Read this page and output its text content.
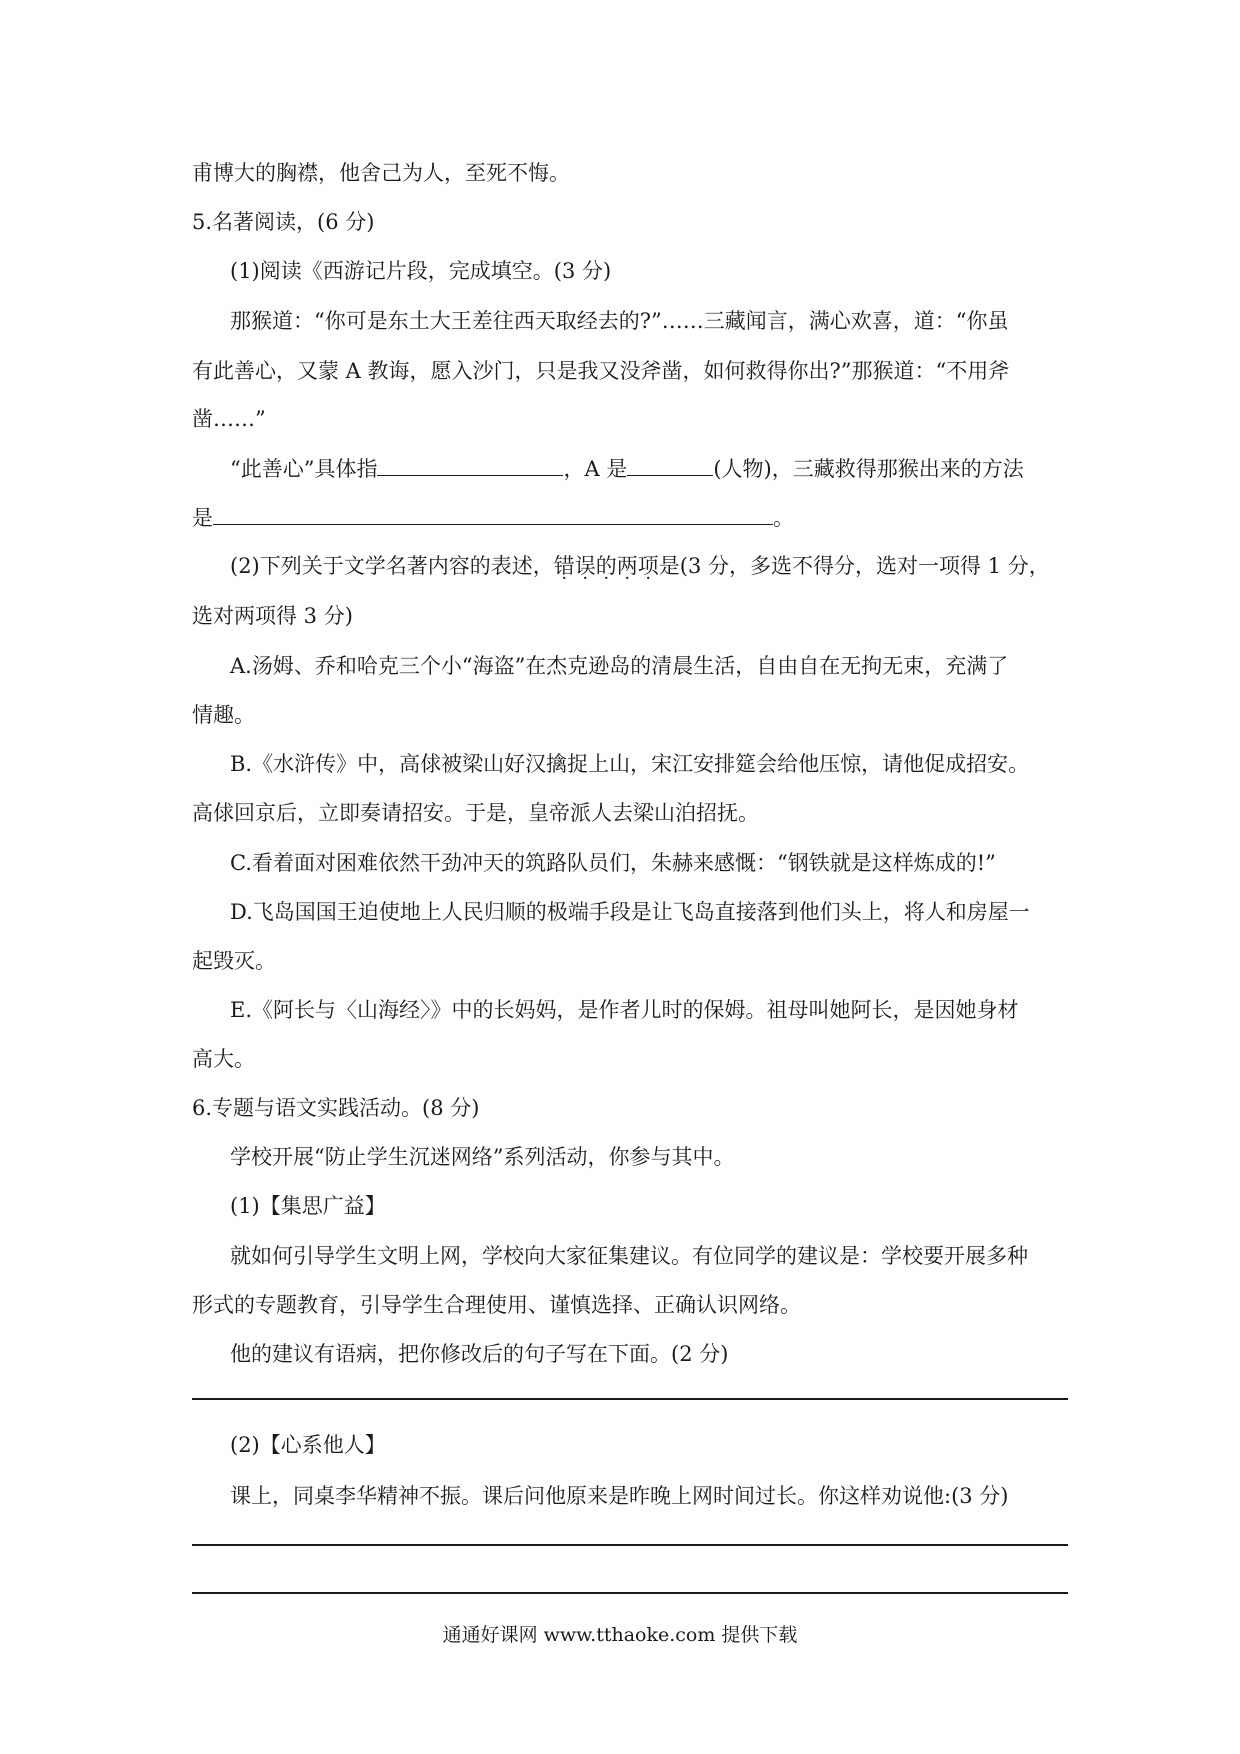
甫博大的胸襟，他舍己为人，至死不悔。
5.名著阅读，(6 分)
(1)阅读《西游记片段，完成填空。(3 分)
那猴道：“你可是东土大王差往西天取经去的?”……三藏闻言，满心欢喜，道：“你虽
有此善心，又蒙 A 教诲，愿入沙门，只是我又没斧凿，如何救得你出?”那猴道：“不用斧
凿……”
“此善心”具体指	，A 是	(人物)，三藏救得那猴出来的方法
是	。
(2)下列关于文学名著内容的表述，错误的两项是(3 分，多选不得分，选对一项得 1 分，
选对两项得 3 分)
A.汤姆、乔和哈克三个小“海盗”在杰克逊岛的清晨生活，自由自在无拘无束，充满了
情趣。
B.《水浒传》中，高俅被梁山好汉擒捉上山，宋江安排筵会给他压惊，请他促成招安。
高俅回京后，立即奏请招安。于是，皇帝派人去梁山泊招抚。
C.看着面对困难依然干劲冲天的筑路队员们，朱赫来感慨：“钢铁就是这样炼成的!”
D.飞岛国国王迫使地上人民归顺的极端手段是让飞岛直接落到他们头上，将人和房屋一
起毁灭。
E.《阿长与〈山海经〉》中的长妈妈，是作者儿时的保姆。祖母叫她阿长，是因她身材
高大。
6.专题与语文实践活动。(8 分)
学校开展“防止学生沉迷网络”系列活动，你参与其中。
(1)【集思广益】
就如何引导学生文明上网，学校向大家征集建议。有位同学的建议是：学校要开展多种
形式的专题教育，引导学生合理使用、谨慎选择、正确认识网络。
他的建议有语病，把你修改后的句子写在下面。(2 分)
(2)【心系他人】
课上，同桌李华精神不振。课后问他原来是昨晚上网时间过长。你这样劝说他:(3 分)
通通好课网 www.tthaoke.com 提供下载
